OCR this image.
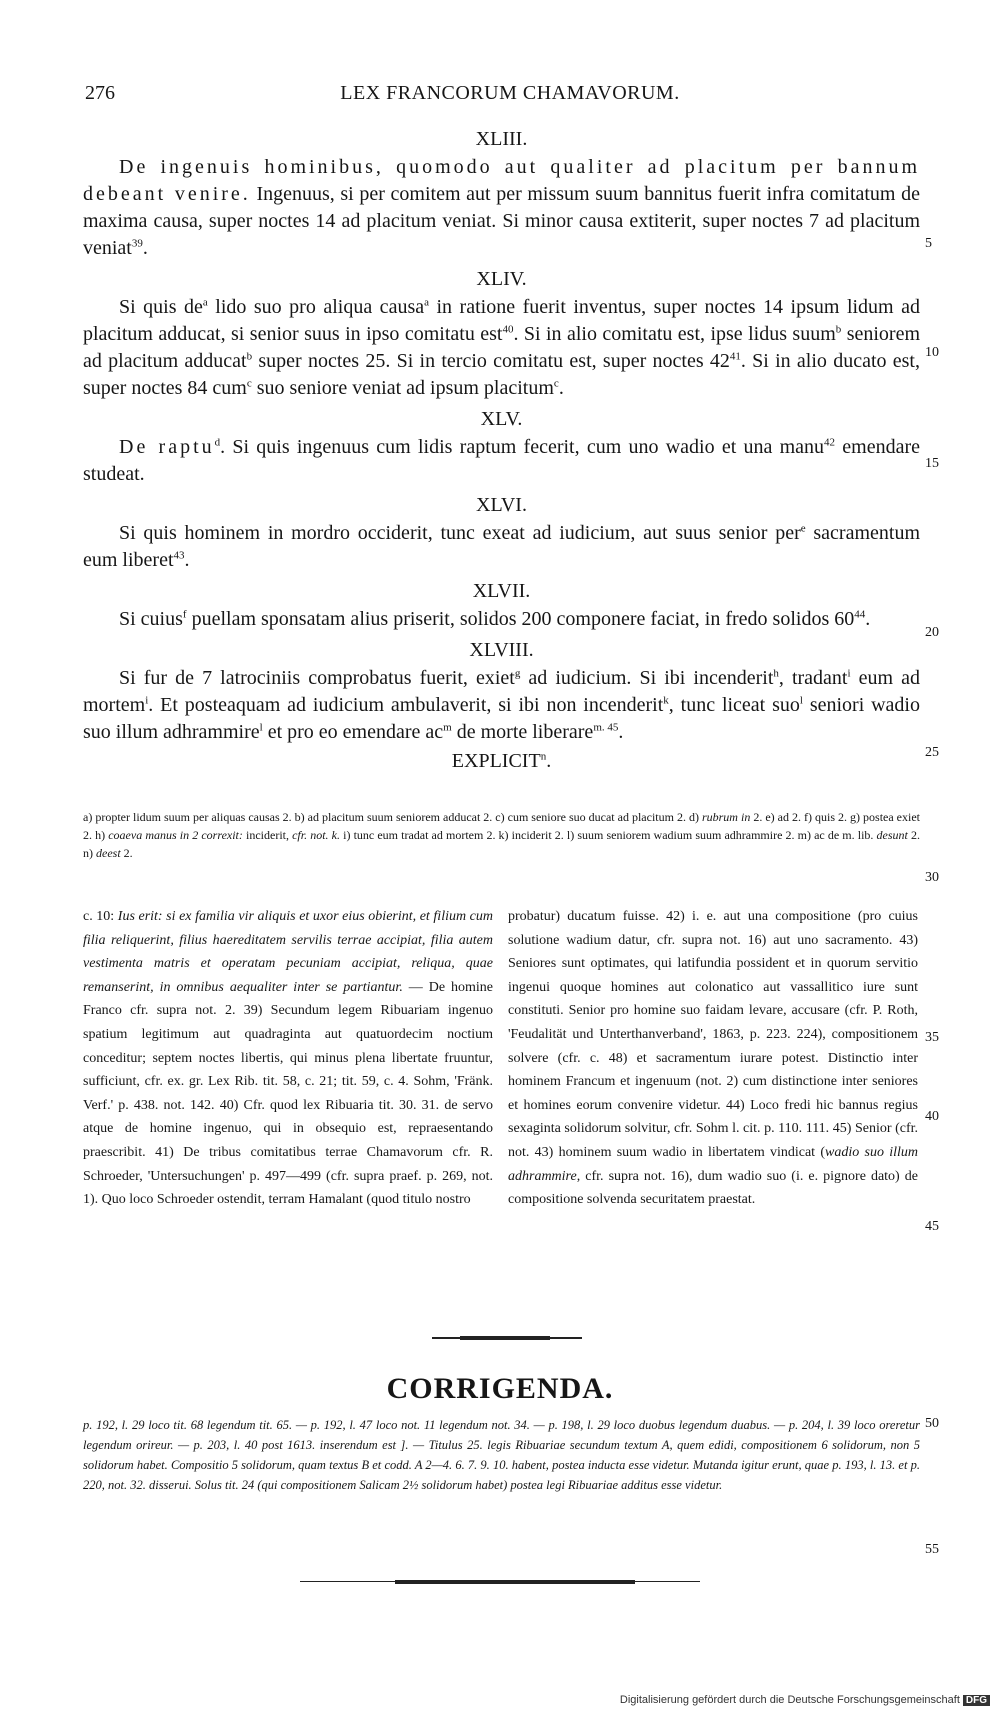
276	LEX FRANCORUM CHAMAVORUM.
XLIII.

De ingenuis hominibus, quomodo aut qualiter ad placitum per bannum debeant venire. Ingenuus, si per comitem aut per missum suum bannitus fuerit infra comitatum de maxima causa, super noctes 14 ad placitum veniat. Si minor causa extiterit, super noctes 7 ad placitum veniat$^{39}$.

XLIV.

Si quis $de^a$ lido suo pro aliqua causa$^a$ in ratione fuerit inventus, super noctes 14 ipsum lidum ad placitum adducat, si senior suus in ipso comitatu est$^{40}$. Si in alio comitatu est, ipse lidus suum$^b$ seniorem ad placitum adducat$^b$ super noctes 25. Si in tercio comitatu est, super noctes $42^{41}$. Si in alio ducato est, super noctes 84 cum$^c$ suo seniore veniat ad ipsum placitum$^c$.

XLV.

De raptu$^d$. Si quis ingenuus cum lidis raptum fecerit, cum uno wadio et una manu$^{42}$ emendare studeat.

XLVI.

Si quis hominem in mordro occiderit, tunc exeat ad iudicium, aut suus senior per$^e$ sacramentum eum liberet$^{43}$.

XLVII.

Si cuius$^f$ puellam sponsatam alius priserit, solidos 200 componere faciat, in fredo solidos $60^{44}$.

XLVIII.

Si fur de 7 latrociniis comprobatus fuerit, exiet$^g$ ad iudicium. Si ibi incenderit$^h$, tradant$^i$ eum ad mortem$^i$. Et posteaquam ad iudicium ambulaverit, si ibi non incenderit$^k$, tunc liceat suo$^l$ seniori wadio suo illum adhrammire$^l$ et pro eo emendare $ac^m$ de morte liberare$^{m. 45}$.

EXPLICIT$^n$.
5
10
15
20
25
30
35
40
45
50
55
a) propter lidum suum per aliquas causas 2. b) ad placitum suum seniorem adducat 2. c) cum seniore suo ducat ad placitum 2. d) rubrum in 2. e) ad 2. f) quis 2. g) postea exiet 2. h) coaeva manus in 2 correxit: inciderit, cfr. not. k. i) tunc eum tradat ad mortem 2. k) inciderit 2. l) suum seniorem wadium suum adhrammire 2. m) ac de m. lib. desunt 2. n) deest 2.
c. 10: Ius erit: si ex familia vir aliquis et uxor eius obierint, et filium cum filia reliquerint, filius haereditatem servilis terrae accipiat, filia autem vestimenta matris et operatam pecuniam accipiat, reliqua, quae remanserint, in omnibus aequaliter inter se partiantur. — De homine Franco cfr. supra not. 2. 39) Secundum legem Ribuariam ingenuo spatium legitimum aut quadraginta aut quatuordecim noctium conceditur; septem noctes libertis, qui minus plena libertate fruuntur, sufficiunt, cfr. ex. gr. Lex Rib. tit. 58, c. 21; tit. 59, c. 4. Sohm, 'Fränk. Verf.' p. 438. not. 142. 40) Cfr. quod lex Ribuaria tit. 30. 31. de servo atque de homine ingenuo, qui in obsequio est, repraesentando praescribit. 41) De tribus comitatibus terrae Chamavorum cfr. R. Schroeder, 'Untersuchungen' p. 497—499 (cfr. supra praef. p. 269, not. 1). Quo loco Schroeder ostendit, terram Hamalant (quod titulo nostro
probatur) ducatum fuisse. 42) i. e. aut una compositione (pro cuius solutione wadium datur, cfr. supra not. 16) aut uno sacramento. 43) Seniores sunt optimates, qui latifundia possident et in quorum servitio ingenui quoque homines aut colonatico aut vassallitico iure sunt constituti. Senior pro homine suo faidam levare, accusare (cfr. P. Roth, 'Feudalität und Unterthanverband', 1863, p. 223. 224), compositionem solvere (cfr. c. 48) et sacramentum iurare potest. Distinctio inter hominem Francum et ingenuum (not. 2) cum distinctione inter seniores et homines eorum convenire videtur. 44) Loco fredi hic bannus regius sexaginta solidorum solvitur, cfr. Sohm l. cit. p. 110. 111. 45) Senior (cfr. not. 43) hominem suum wadio in libertatem vindicat (wadio suo illum adhrammire, cfr. supra not. 16), dum wadio suo (i. e. pignore dato) de compositione solvenda securitatem praestat.
CORRIGENDA.
p. 192, l. 29 loco tit. 68 legendum tit. 65. — p. 192, l. 47 loco not. 11 legendum not. 34. — p. 198, l. 29 loco duobus legendum duabus. — p. 204, l. 39 loco oreretur legendum orireur. — p. 203, l. 40 post 1613. inserendum est ]. — Titulus 25. legis Ribuariae secundum textum A, quem edidi, compositionem 6 solidorum, non 5 solidorum habet. Compositio 5 solidorum, quam textus B et codd. A 2—4. 6. 7. 9. 10. habent, postea inducta esse videtur. Mutanda igitur erunt, quae p. 193, l. 13. et p. 220, not. 32. disserui. Solus tit. 24 (qui compositionem Salicam 2½ solidorum habet) postea legi Ribuariae additus esse videtur.
Digitalisierung gefördert durch die Deutsche Forschungsgemeinschaft DFG
